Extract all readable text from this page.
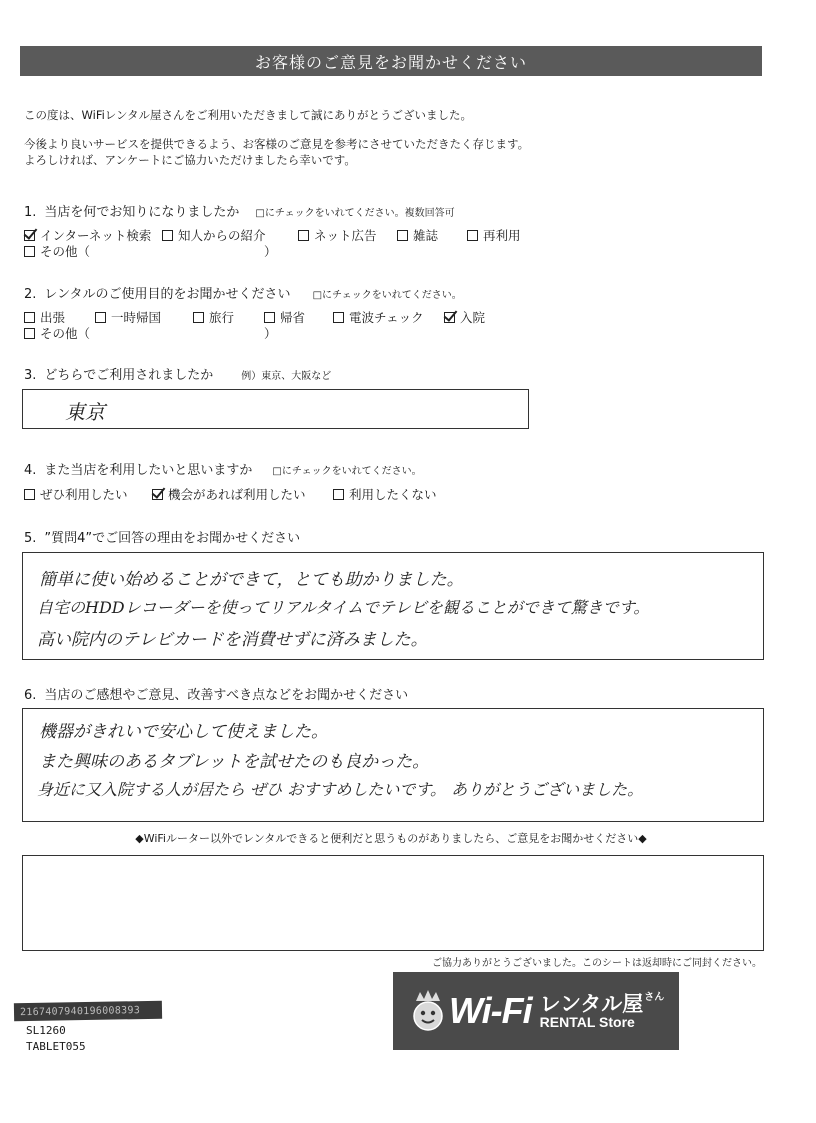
お客様のご意見をお聞かせください
この度は、WiFiレンタル屋さんをご利用いただきまして誠にありがとうございました。
今後より良いサービスを提供できるよう、お客様のご意見を参考にさせていただきたく存じます。
よろしければ、アンケートにご協力いただけましたら幸いです。
1. 当店を何でお知りになりましたか □にチェックをいれてください。複数回答可
インターネット検索 知人からの紹介	ネット広告	雑誌	再利用
その他（	）
2. レンタルのご使用目的をお聞かせください □にチェックをいれてください。
出張	一時帰国	旅行	帰省	電波チェック	入院
その他（	）
3. どちらでご利用されましたか	例）東京、大阪など
東京
4. また当店を利用したいと思いますか □にチェックをいれてください。
ぜひ利用したい	機会があれば利用したい	利用したくない
5. ”質問4”でご回答の理由をお聞かせください
簡単に使い始めることができて，とても助かりました。
自宅のHDDレコーダーを使ってリアルタイムでテレビを観ることができて驚きです。
高い院内のテレビカードを消費せずに済みました。
6. 当店のご感想やご意見、改善すべき点などをお聞かせください
機器がきれいで安心して使えました。
また興味のあるタブレットを試せたのも良かった。
身近に又入院する人が居たら ぜひ おすすめしたいです。 ありがとうございました。
◆WiFiルーター以外でレンタルできると便利だと思うものがありましたら、ご意見をお聞かせください◆
ご協力ありがとうございました。このシートは返却時にご同封ください。
2167407940196008393
SL1260
TABLET055
Wi-Fi レンタル屋 さん
RENTAL Store
